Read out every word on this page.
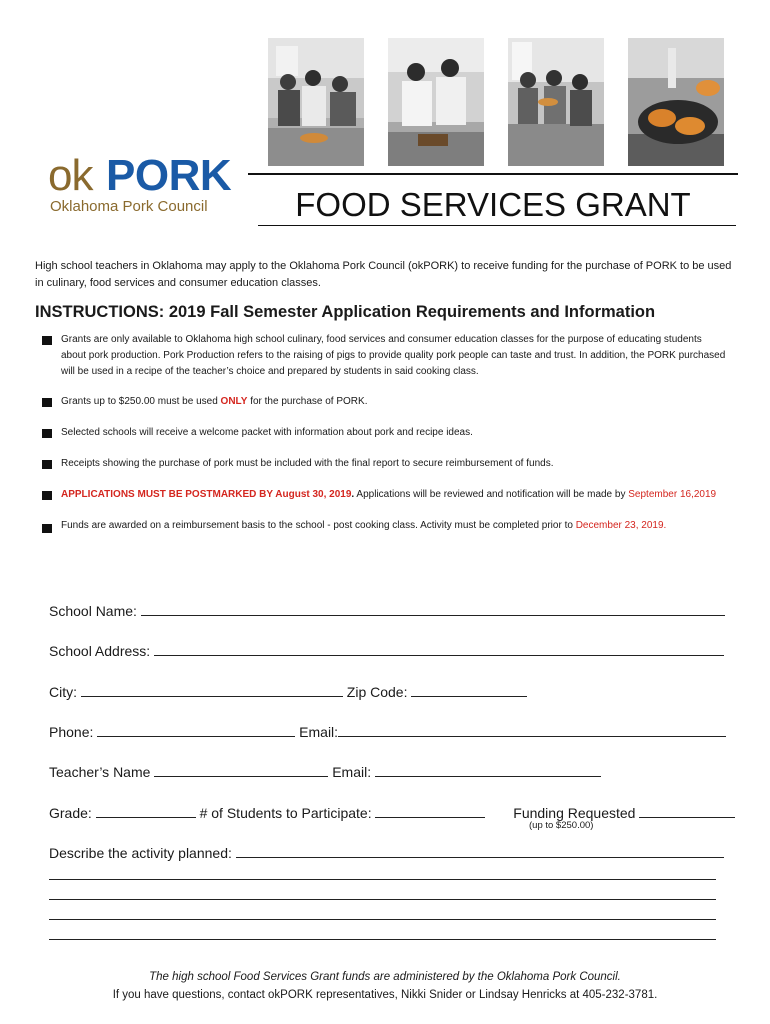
ok PORK
Oklahoma Pork Council	FOOD SERVICES GRANT
High school teachers in Oklahoma may apply to the Oklahoma Pork Council (okPORK) to receive funding for the purchase of PORK to be used in culinary, food services and consumer education classes.
INSTRUCTIONS: 2019 Fall Semester Application Requirements and Information
Grants are only available to Oklahoma high school culinary, food services and consumer education classes for the purpose of educating students about pork production. Pork Production refers to the raising of pigs to provide quality pork people can taste and trust. In addition, the PORK purchased will be used in a recipe of the teacher’s choice and prepared by students in said cooking class.
Grants up to $250.00 must be used ONLY for the purchase of PORK.
Selected schools will receive a welcome packet with information about pork and recipe ideas.
Receipts showing the purchase of pork must be included with the final report to secure reimbursement of funds.
APPLICATIONS MUST BE POSTMARKED BY August 30, 2019. Applications will be reviewed and notification will be made by September 16,2019
Funds are awarded on a reimbursement basis to the school - post cooking class. Activity must be completed prior to December 23, 2019.
School Name:
School Address:
City:	Zip Code:
Phone:	Email:
Teacher’s Name	Email:
Grade:	# of Students to Participate:	Funding Requested
(up to $250.00)
Describe the activity planned:
The high school Food Services Grant funds are administered by the Oklahoma Pork Council.
If you have questions, contact okPORK representatives, Nikki Snider or Lindsay Henricks at 405-232-3781.
